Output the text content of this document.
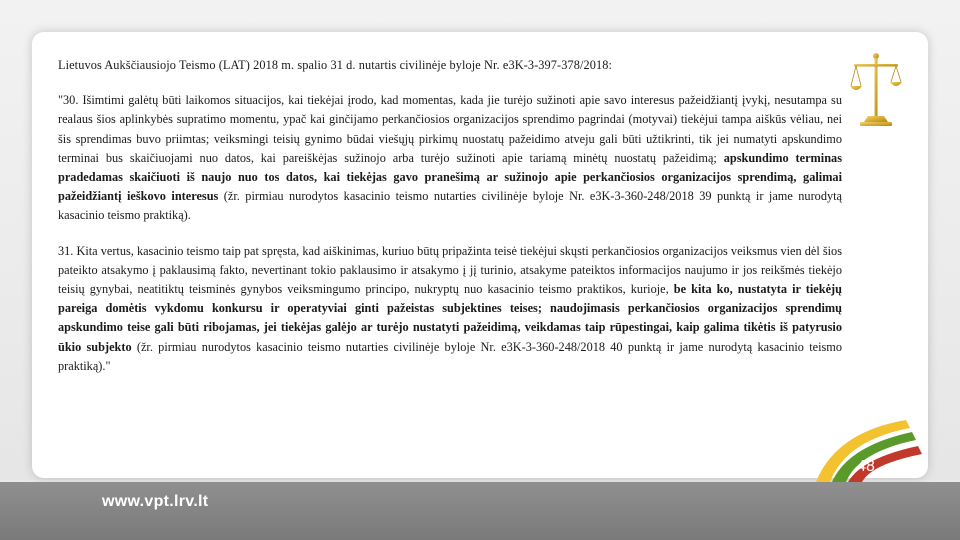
Lietuvos Aukščiausiojo Teismo (LAT) 2018 m. spalio 31 d. nutartis civilinėje byloje Nr. e3K-3-397-378/2018:

"30. Išimtimi galėtų būti laikomos situacijos, kai tiekėjai įrodo, kad momentas, kada jie turėjo sužinoti apie savo interesus pažeidžiantį įvykį, nesutampa su realaus šios aplinkybės supratimo momentu, ypač kai ginčijamo perkančiosios organizacijos sprendimo pagrindai (motyvai) tiekėjui tampa aiškūs vėliau, nei šis sprendimas buvo priimtas; veiksmingi teisių gynimo būdai viešųjų pirkimų nuostatų pažeidimo atveju gali būti užtikrinti, tik jei numatyti apskundimo terminai bus skaičiuojami nuo datos, kai pareiškėjas sužinojo arba turėjo sužinoti apie tariamą minėtų nuostatų pažeidimą; apskundimo terminas pradedamas skaičiuoti iš naujo nuo tos datos, kai tiekėjas gavo pranešimą ar sužinojo apie perkančiosios organizacijos sprendimą, galimai pažeidžiantį ieškovo interesus (žr. pirmiau nurodytos kasacinio teismo nutarties civilinėje byloje Nr. e3K-3-360-248/2018 39 punktą ir jame nurodytą kasacinio teismo praktiką).

31. Kita vertus, kasacinio teismo taip pat spręsta, kad aiškinimas, kuriuo būtų pripažinta teisė tiekėjui skųsti perkančiosios organizacijos veiksmus vien dėl šios pateikto atsakymo į paklausimą fakto, nevertinant tokio paklausimo ir atsakymo į jį turinio, atsakyme pateiktos informacijos naujumo ir jos reikšmės tiekėjo teisių gynybai, neatitiktų teisminės gynybos veiksmingumo principo, nukryptų nuo kasacinio teismo praktikos, kurioje, be kita ko, nustatyta ir tiekėjų pareiga domėtis vykdomu konkursu ir operatyviai ginti pažeistas subjektines teises; naudojimasis perkančiosios organizacijos sprendimų apskundimo teise gali būti ribojamas, jei tiekėjas galėjo ar turėjo nustatyti pažeidimą, veikdamas taip rūpestingai, kaip galima tikėtis iš patyrusio ūkio subjekto (žr. pirmiau nurodytos kasacinio teismo nutarties civilinėje byloje Nr. e3K-3-360-248/2018 40 punktą ir jame nurodytą kasacinio teismo praktiką)."

48
www.vpt.lrv.lt
